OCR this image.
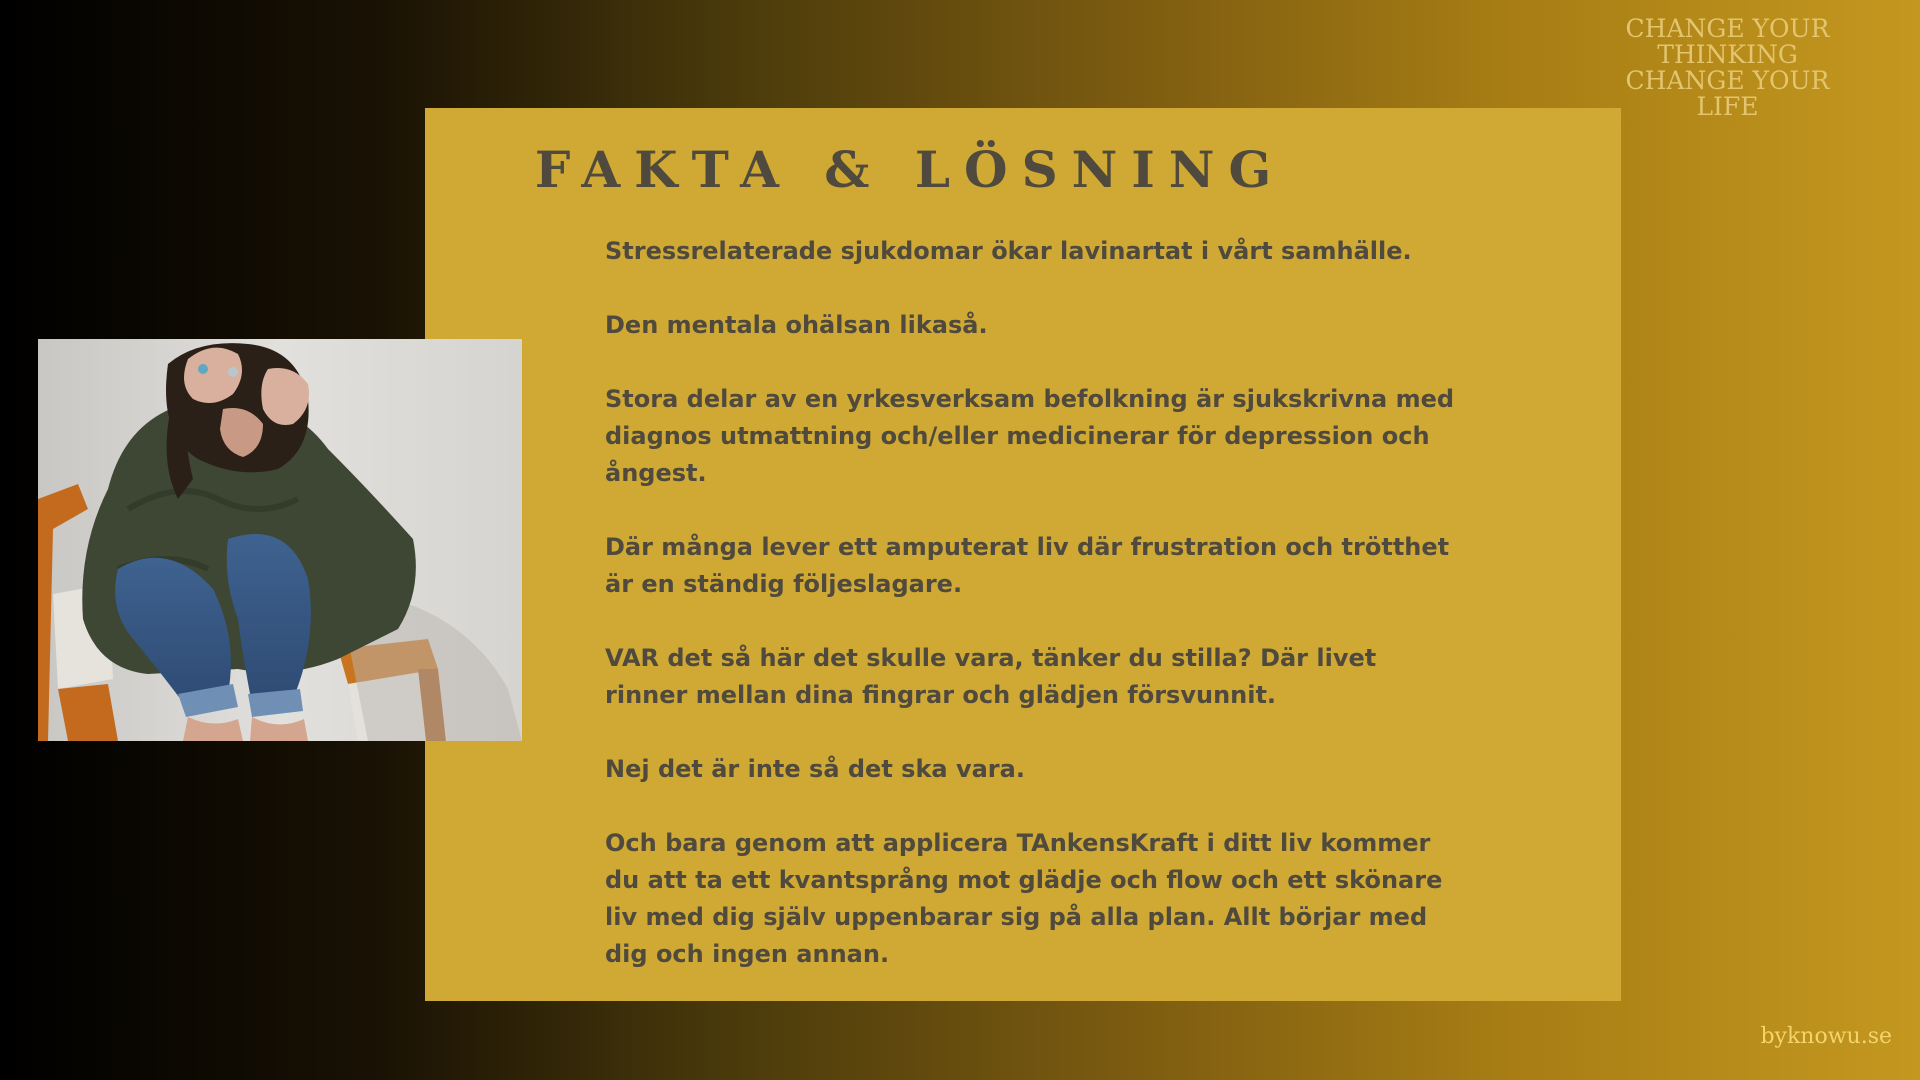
CHANGE YOUR
THINKING
CHANGE YOUR
LIFE

Stressrelaterade sjukdomar ökar lavinartat i vårt samhälle.

Den mentala ohälsan likaså.

Stora delar av en yrkesverksam befolkning är sjukskrivna med diagnos utmattning och/eller medicinerar för depression och ångest.

Där många lever ett amputerat liv där frustration och trötthet är en ständig följeslagare.

VAR det så här det skulle vara, tänker du stilla? Där livet rinner mellan dina fingrar och glädjen försvunnit.

Nej det är inte så det ska vara.

Och bara genom att applicera TAnkensKraft i ditt liv kommer du att ta ett kvantsprång mot glädje och flow och ett skönare liv med dig själv uppenbarar sig på alla plan. Allt börjar med dig och ingen annan.

FAKTA & LÖSNING
byknowu.se
